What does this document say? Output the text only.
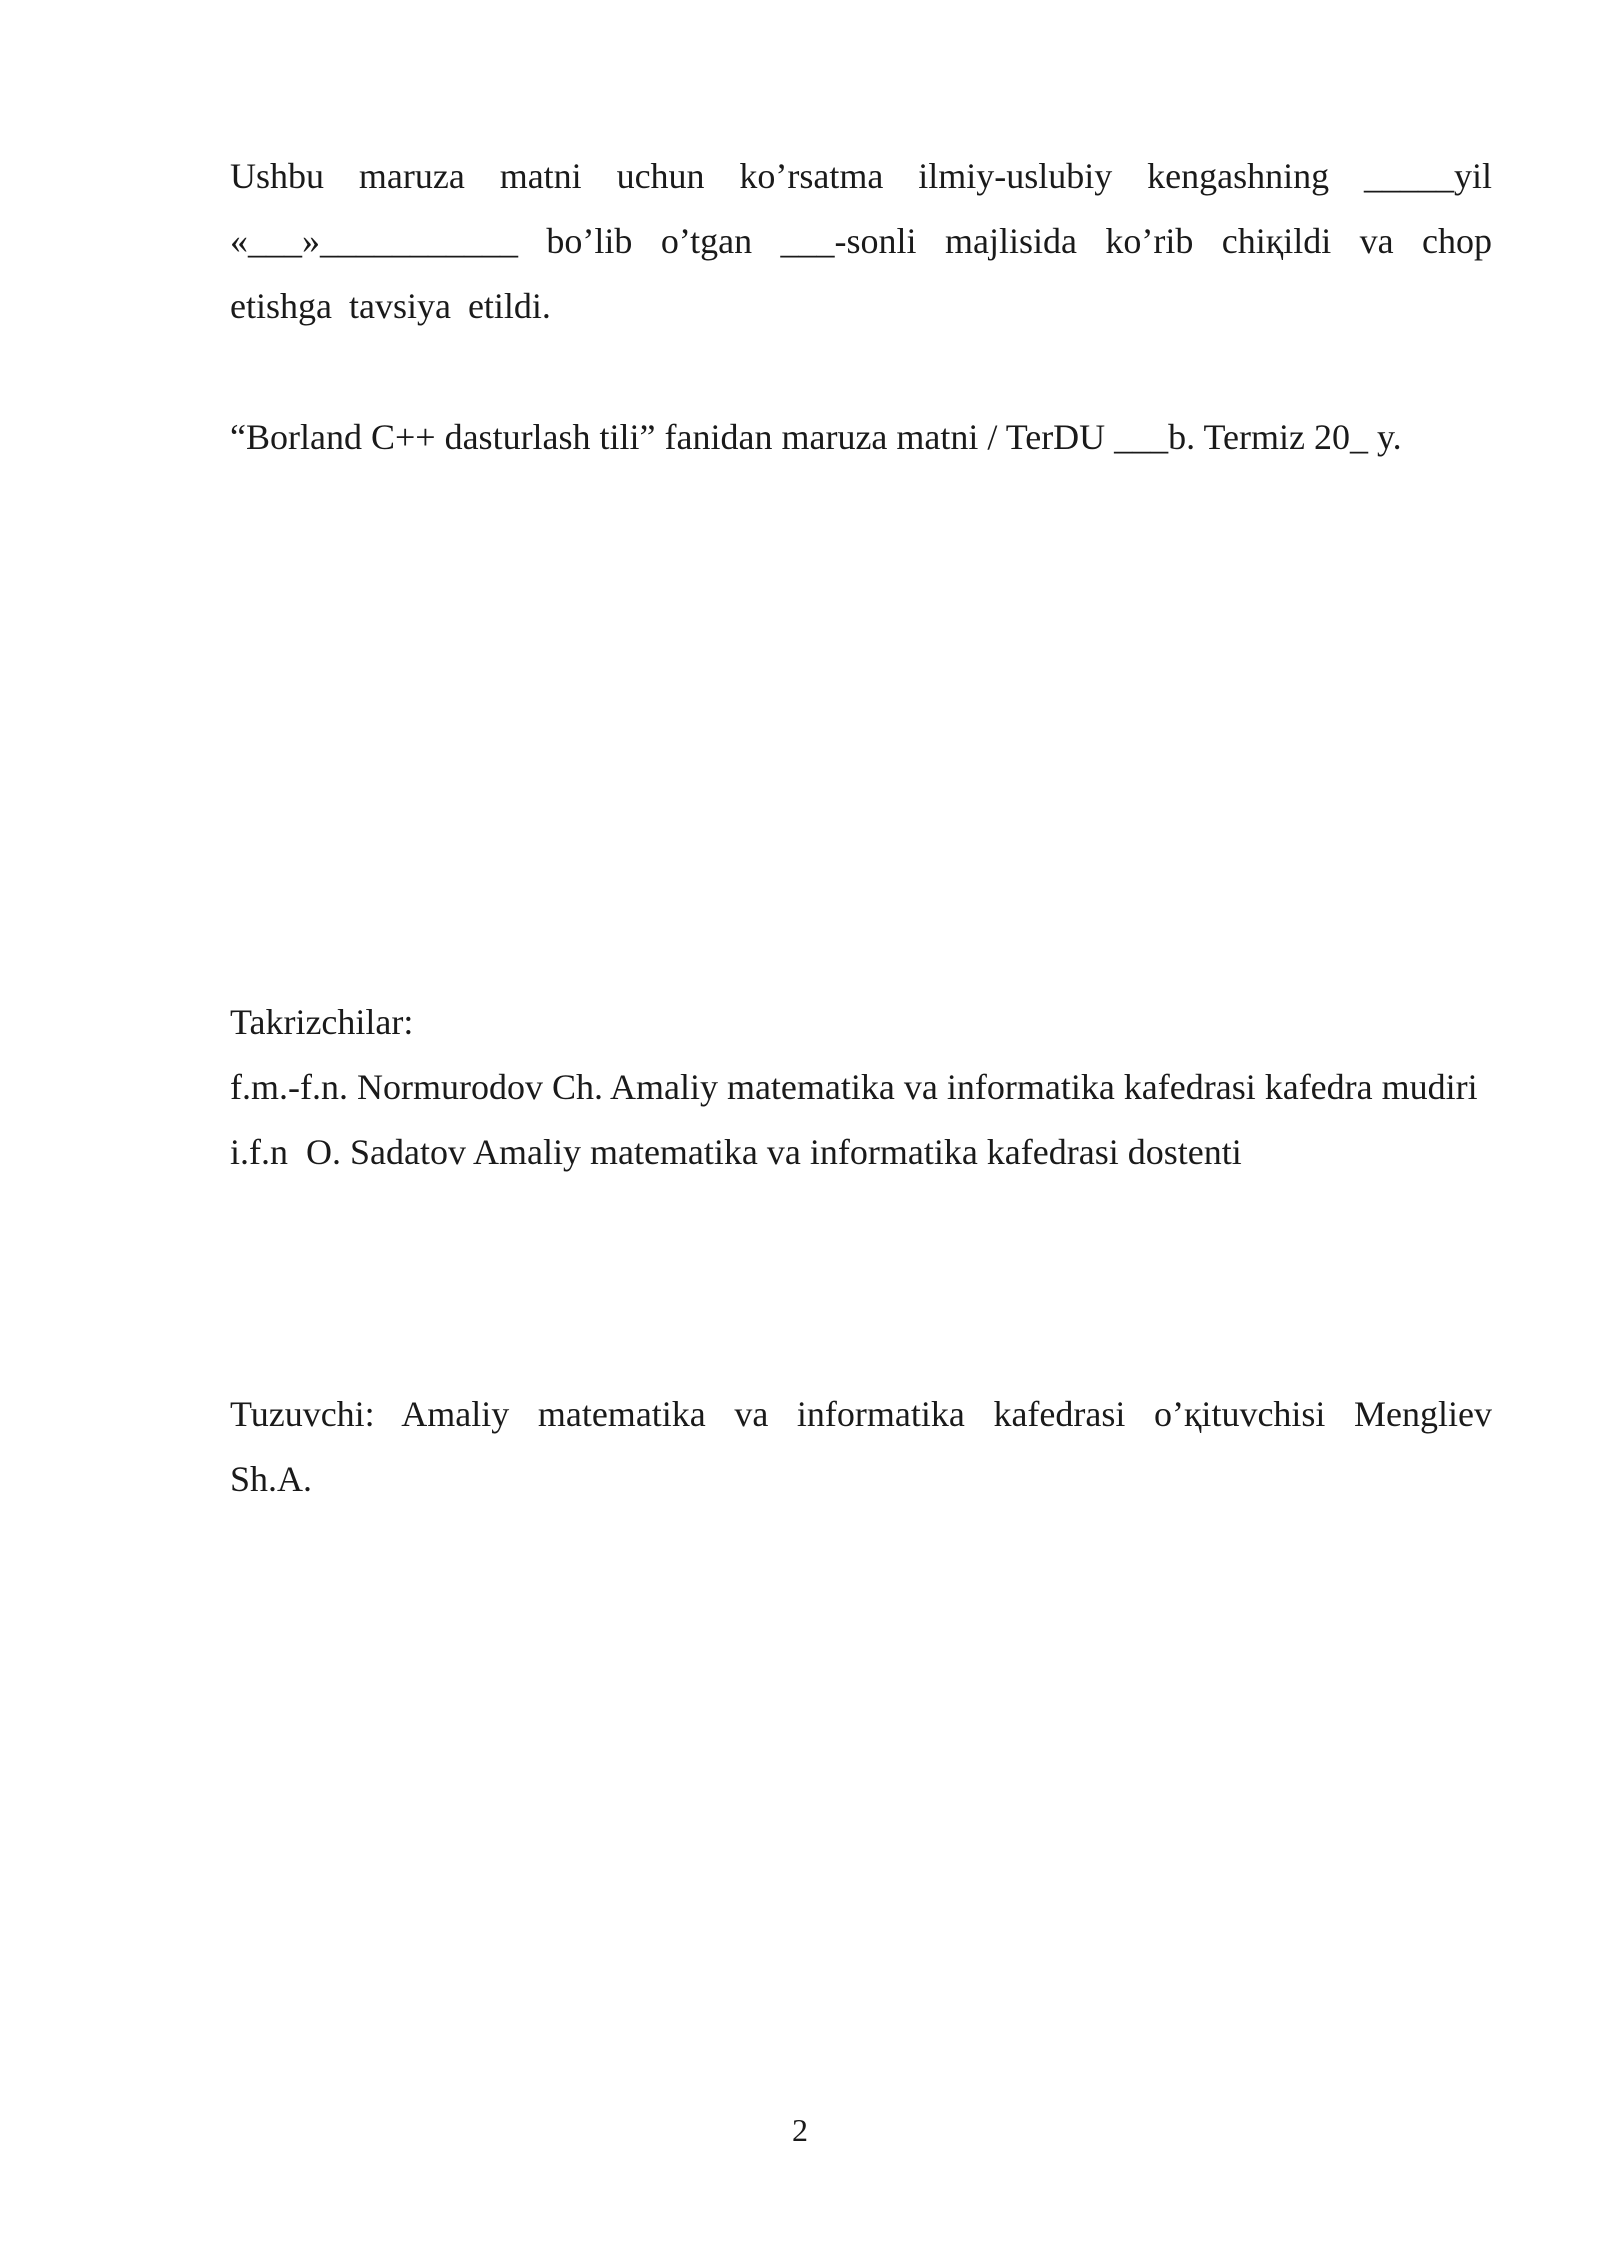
Ushbu maruza matni uchun ko’rsatma ilmiy-uslubiy kengashning _____yil «___»___________ bo’lib o’tgan ___-sonli majlisida ko’rib chiқildi va chop etishga tavsiya etildi.

“Borland C++ dasturlash tili” fanidan maruza matni / TerDU ___b. Termiz 20_ y.

Takrizchilar:

f.m.-f.n. Normurodov Ch. Amaliy matematika va informatika kafedrasi kafedra mudiri

i.f.n  O. Sadatov Amaliy matematika va informatika kafedrasi dostenti

Tuzuvchi: Amaliy matematika va informatika kafedrasi o’қituvchisi Mengliev Sh.A.

2
